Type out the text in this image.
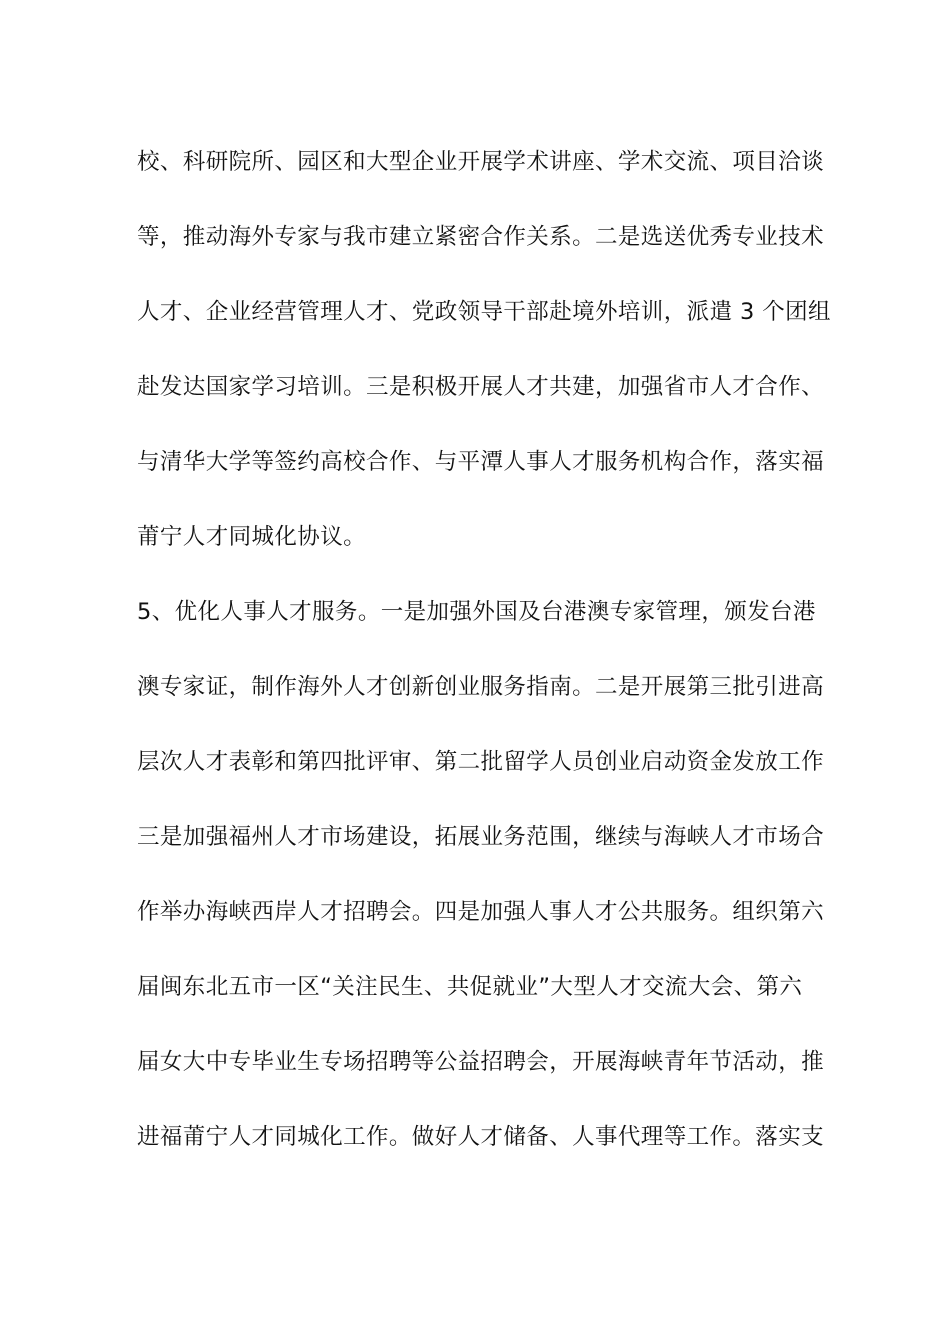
校、科研院所、园区和大型企业开展学术讲座、学术交流、项目洽谈
等，推动海外专家与我市建立紧密合作关系。二是选送优秀专业技术
人才、企业经营管理人才、党政领导干部赴境外培训，派遣 3 个团组
赴发达国家学习培训。三是积极开展人才共建，加强省市人才合作、
与清华大学等签约高校合作、与平潭人事人才服务机构合作，落实福
莆宁人才同城化协议。
5、优化人事人才服务。一是加强外国及台港澳专家管理，颁发台港
澳专家证，制作海外人才创新创业服务指南。二是开展第三批引进高
层次人才表彰和第四批评审、第二批留学人员创业启动资金发放工作
三是加强福州人才市场建设，拓展业务范围，继续与海峡人才市场合
作举办海峡西岸人才招聘会。四是加强人事人才公共服务。组织第六
届闽东北五市一区“关注民生、共促就业”大型人才交流大会、第六
届女大中专毕业生专场招聘等公益招聘会，开展海峡青年节活动，推
进福莆宁人才同城化工作。做好人才储备、人事代理等工作。落实支
